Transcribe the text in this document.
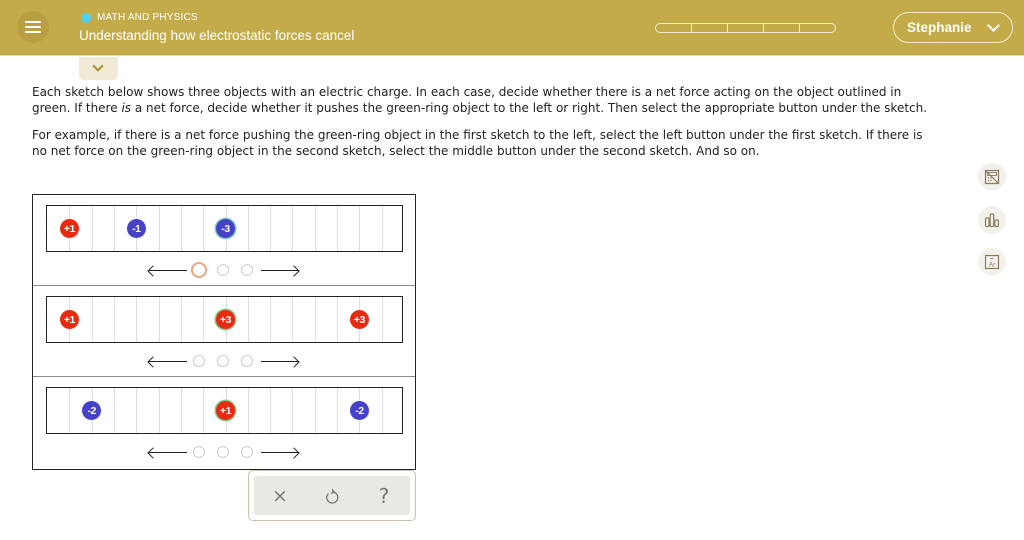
MATH AND PHYSICS
Understanding how electrostatic forces cancel
Stephanie

Each sketch below shows three objects with an electric charge. In each case, decide whether there is a net force acting on the object outlined in green. If there is a net force, decide whether it pushes the green-ring object to the left or right. Then select the appropriate button under the sketch.

For example, if there is a net force pushing the green-ring object in the first sketch to the left, select the left button under the first sketch. If there is no net force on the green-ring object in the second sketch, select the middle button under the second sketch. And so on.

Ar
+1	-1	-3
+1	+3	+3
-2	+1	-2
×	?
